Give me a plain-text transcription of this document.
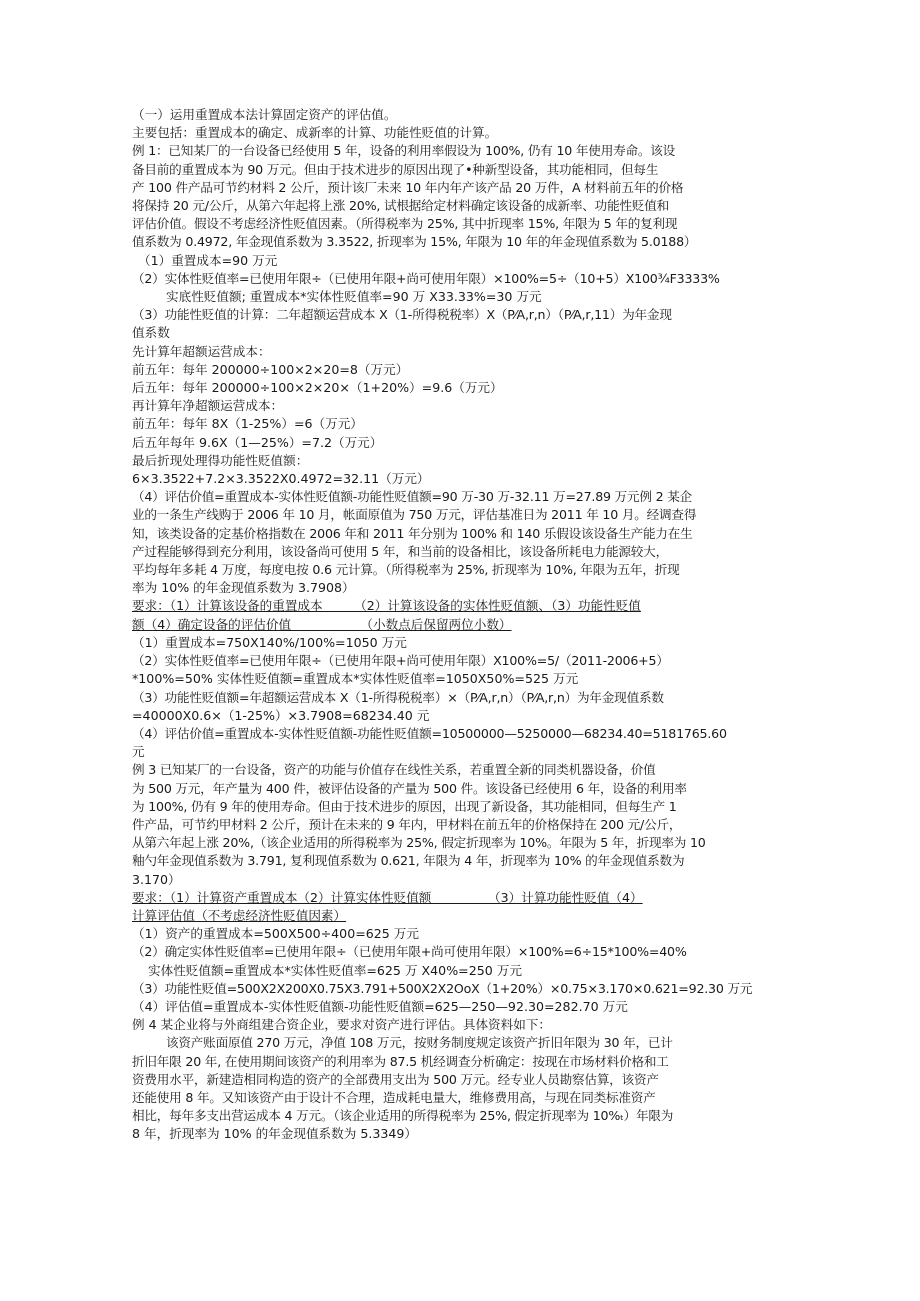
（一）运用重置成本法计算固定资产的评估值。
主要包括：重置成本的确定、成新率的计算、功能性贬值的计算。
例 1：已知某厂的一台设备已经使用 5 年，设备的利用率假设为 100%, 仍有 10 年使用寿命。该设
备目前的重置成本为 90 万元。但由于技术进步的原因出现了•种新型设备，其功能相同，但每生
产 100 件产品可节约材料 2 公斤，预计该厂未来 10 年内年产该产品 20 万件，A 材料前五年的价格
将保持 20 元/公斤，从第六年起将上涨 20%, 试根据给定材料确定该设备的成新率、功能性贬值和
评估价值。假设不考虑经济性贬值因素。（所得税率为 25%, 其中折现率 15%, 年限为 5 年的复利现
值系数为 0.4972, 年金现值系数为 3.3522, 折现率为 15%, 年限为 10 年的年金现值系数为 5.0188）
（1）重置成本=90 万元
（2）实体性贬值率=已使用年限÷（已使用年限+尚可使用年限）×100%=5÷（10+5）X100¾F3333%
实底性贬值额; 重置成本*实体性贬值率=90 万 X33.33%=30 万元
（3）功能性贬值的计算：二年超额运营成本 X（1-所得税税率）X（P⁄A,r,n）（P⁄A,r,11）为年金现
值系数
先计算年超额运营成本：
前五年：每年 200000÷100×2×20=8（万元）
后五年：每年 200000÷100×2×20×（1+20%）=9.6（万元）
再计算年净超额运营成本：
前五年：每年 8X（1-25%）=6（万元）
后五年每年 9.6X（1—25%）=7.2（万元）
最后折现处理得功能性贬值额：
6×3.3522+7.2×3.3522X0.4972=32.11（万元）
（4）评估价值=重置成本-实体性贬值额-功能性贬值额=90 万-30 万-32.11 万=27.89 万元例 2 某企
业的一条生产线购于 2006 年 10 月，帐面原值为 750 万元，评估基准日为 2011 年 10 月。经调查得
知，该类设备的定基价格指数在 2006 年和 2011 年分别为 100% 和 140 乐假设该设备生产能力在生
产过程能够得到充分利用，该设备尚可使用 5 年，和当前的设备相比，该设备所耗电力能源较大，
平均每年多耗 4 万度，每度电按 0.6 元计算。（所得税率为 25%, 折现率为 10%, 年限为五年，折现
率为 10% 的年金现值系数为 3.7908）
要求：（1）计算该设备的重置成本　　　（2）计算该设备的实体性贬值额、（3）功能性贬值
额（4）确定设备的评估价值　　　　　　（小数点后保留两位小数）
（1）重置成本=750X140%/100%=1050 万元
（2）实体性贬值率=已使用年限÷（已使用年限+尚可使用年限）X100%=5/（2011-2006+5）
*100%=50% 实体性贬值额=重置成本*实体性贬值率=1050X50%=525 万元
（3）功能性贬值额=年超额运营成本 X（1-所得税税率）×（P⁄A,r,n）（P⁄A,r,n）为年金现值系数
=40000X0.6×（1-25%）×3.7908=68234.40 元
（4）评估价值=重置成本-实体性贬值额-功能性贬值额=10500000—5250000—68234.40=5181765.60
元
例 3 已知某厂的一台设备，资产的功能与价值存在线性关系，若重置全新的同类机器设备，价值
为 500 万元，年产量为 400 件，被评估设备的产量为 500 件。该设备已经使用 6 年，设备的利用率
为 100%, 仍有 9 年的使用寿命。但由于技术进步的原因，出现了新设备，其功能相同，但每生产 1
件产品，可节约甲材料 2 公斤，预计在未来的 9 年内，甲材料在前五年的价格保持在 200 元/公斤，
从第六年起上涨 20%,（该企业适用的所得税率为 25%, 假定折现率为 10%。年限为 5 年，折现率为 10
釉勺年金现值系数为 3.791, 复利现值系数为 0.621, 年限为 4 年，折现率为 10% 的年金现值系数为
3.170）
要求：（1）计算资产重置成本（2）计算实体性贬值额　　　　　（3）计算功能性贬值（4）
计算评估值（不考虑经济性贬值因素）
（1）资产的重置成本=500X500÷400=625 万元
（2）确定实体性贬值率=已使用年限÷（已使用年限+尚可使用年限）×100%=6÷15*100%=40%
实体性贬值额=重置成本*实体性贬值率=625 万 X40%=250 万元
（3）功能性贬值=500X2X200X0.75X3.791+500X2X2OoX（1+20%）×0.75×3.170×0.621=92.30 万元
（4）评估值=重置成本-实体性贬值额-功能性贬值额=625—250—92.30=282.70 万元
例 4 某企业将与外商组建合资企业，要求对资产进行评估。具体资料如下：
该资产账面原值 270 万元，净值 108 万元，按财务制度规定该资产折旧年限为 30 年，已计
折旧年限 20 年, 在使用期间该资产的利用率为 87.5 机经调查分析确定：按现在市场材料价格和工
资费用水平，新建造相同构造的资产的全部费用支出为 500 万元。经专业人员勘察估算，该资产
还能使用 8 年。又知该资产由于设计不合理，造成耗电量大，维修费用高，与现在同类标准资产
相比，每年多支出营运成本 4 万元。（该企业适用的所得税率为 25%, 假定折现率为 10%ₜ）年限为
8 年，折现率为 10% 的年金现值系数为 5.3349）
